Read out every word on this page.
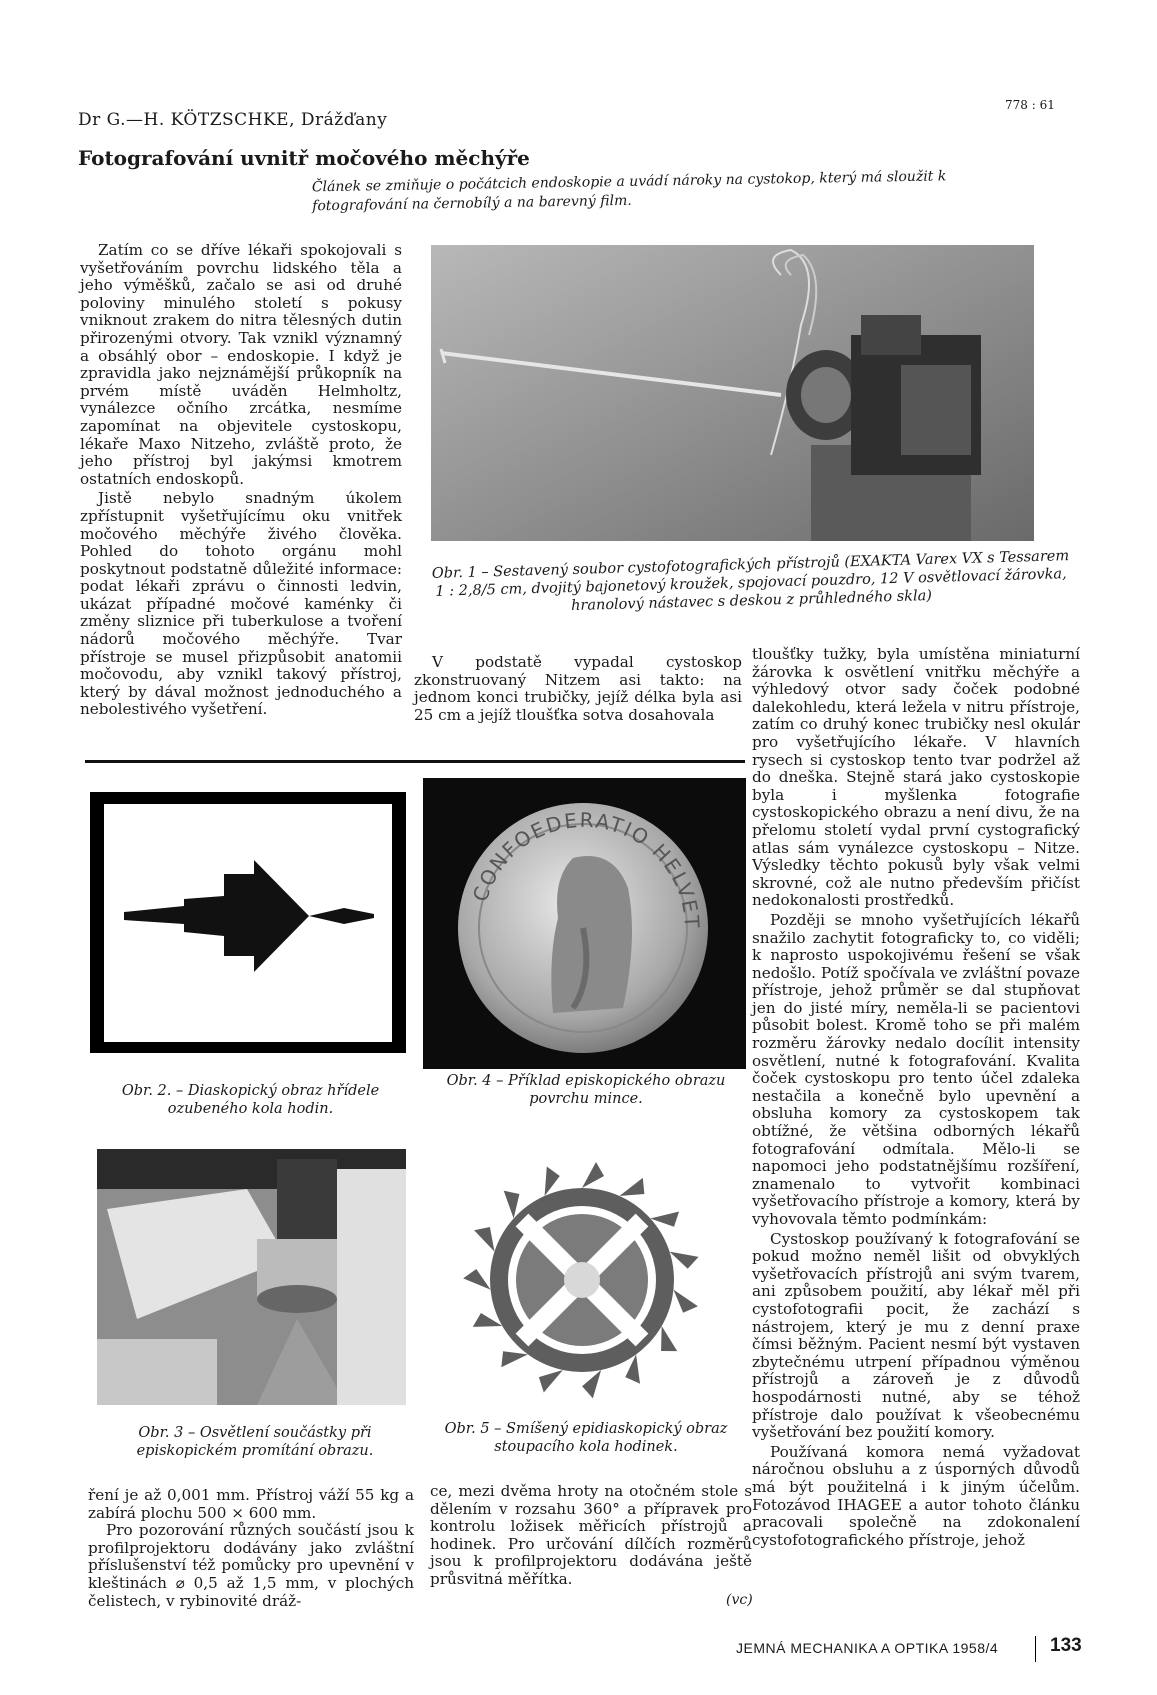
Dr G.—H. KÖTZSCHKE, Drážďany
778 : 61
Fotografování uvnitř močového měchýře
Článek se zmiňuje o počátcich endoskopie a uvádí nároky na cystokop, který má sloužit k fotografování na černobílý a na barevný film.

Zatím co se dříve lékaři spokojovali s vyšetřováním povrchu lidského těla a jeho výměšků, začalo se asi od druhé poloviny minulého století s pokusy vniknout zrakem do nitra tělesných dutin přirozenými otvory. Tak vznikl významný a obsáhlý obor – endoskopie. I když je zpravidla jako nejznámější průkopník na prvém místě uváděn Helmholtz, vynálezce očního zrcátka, nesmíme zapomínat na objevitele cystoskopu, lékaře Maxo Nitzeho, zvláště proto, že jeho přístroj byl jakýmsi kmotrem ostatních endoskopů.

Jistě nebylo snadným úkolem zpřístupnit vyšetřujícímu oku vnitřek močového měchýře živého člověka. Pohled do tohoto orgánu mohl poskytnout podstatně důležité informace: podat lékaři zprávu o činnosti ledvin, ukázat případné močové kaménky či změny sliznice při tuberkulose a tvoření nádorů močového měchýře. Tvar přístroje se musel přizpůsobit anatomii močovodu, aby vznikl takový přístroj, který by dával možnost jednoduchého a nebolestivého vyšetření.

Obr. 1 – Sestavený soubor cystofotografických přístrojů (EXAKTA Varex VX s Tessarem 1 : 2,8/5 cm, dvojitý bajonetový kroužek, spojovací pouzdro, 12 V osvětlovací žárovka, hranolový nástavec s deskou z průhledného skla)

V podstatě vypadal cystoskop zkonstruovaný Nitzem asi takto: na jednom konci trubičky, jejíž délka byla asi 25 cm a jejíž tloušťka sotva dosahovala

tloušťky tužky, byla umístěna miniaturní žárovka k osvětlení vnitřku měchýře a výhledový otvor sady čoček podobné dalekohledu, která ležela v nitru přístroje, zatím co druhý konec trubičky nesl okulár pro vyšetřujícího lékaře. V hlavních rysech si cystoskop tento tvar podržel až do dneška. Stejně stará jako cystoskopie byla i myšlenka fotografie cystoskopického obrazu a není divu, že na přelomu století vydal první cystografický atlas sám vynálezce cystoskopu – Nitze. Výsledky těchto pokusů byly však velmi skrovné, což ale nutno především přičíst nedokonalosti prostředků.

Později se mnoho vyšetřujících lékařů snažilo zachytit fotograficky to, co viděli; k naprosto uspokojivému řešení se však nedošlo. Potíž spočívala ve zvláštní povaze přístroje, jehož průměr se dal stupňovat jen do jisté míry, neměla-li se pacientovi působit bolest. Kromě toho se při malém rozměru žárovky nedalo docílit intensity osvětlení, nutné k fotografování. Kvalita čoček cystoskopu pro tento účel zdaleka nestačila a konečně bylo upevnění a obsluha komory za cystoskopem tak obtížné, že většina odborných lékařů fotografování odmítala. Mělo-li se napomoci jeho podstatnějšímu rozšíření, znamenalo to vytvořit kombinaci vyšetřovacího přístroje a komory, která by vyhovovala těmto podmínkám:

Cystoskop používaný k fotografování se pokud možno neměl lišit od obvyklých vyšetřovacích přístrojů ani svým tvarem, ani způsobem použití, aby lékař měl při cystofotografii pocit, že zachází s nástrojem, který je mu z denní praxe čímsi běžným. Pacient nesmí být vystaven zbytečnému utrpení případnou výměnou přístrojů a zároveň je z důvodů hospodárnosti nutné, aby se téhož přístroje dalo používat k všeobecnému vyšetřování bez použití komory.

Používaná komora nemá vyžadovat náročnou obsluhu a z úsporných důvodů má být použitelná i k jiným účelům. Fotozávod IHAGEE a autor tohoto článku pracovali společně na zdokonalení cystofotografického přístroje, jehož

Obr. 2. – Diaskopický obraz hřídele ozubeného kola hodin.
CONFOEDERATIO HELVET
Obr. 4 – Příklad episkopického obrazu povrchu mince.
Obr. 3 – Osvětlení součástky při episkopickém promítání obrazu.
Obr. 5 – Smíšený epidiaskopický obraz stoupacího kola hodinek.

ření je až 0,001 mm. Přístroj váží 55 kg a zabírá plochu 500 × 600 mm.

Pro pozorování různých součástí jsou k profilprojektoru dodávány jako zvláštní příslušenství též pomůcky pro upevnění v kleštinách ⌀ 0,5 až 1,5 mm, v plochých čelistech, v rybinovité dráž-

ce, mezi dvěma hroty na otočném stole s dělením v rozsahu 360° a přípravek pro kontrolu ložisek měřicích přístrojů a hodinek. Pro určování dílčích rozměrů jsou k profilprojektoru dodávána ještě průsvitná měřítka.

(vc)
JEMNÁ MECHANIKA A OPTIKA 1958/4	133
